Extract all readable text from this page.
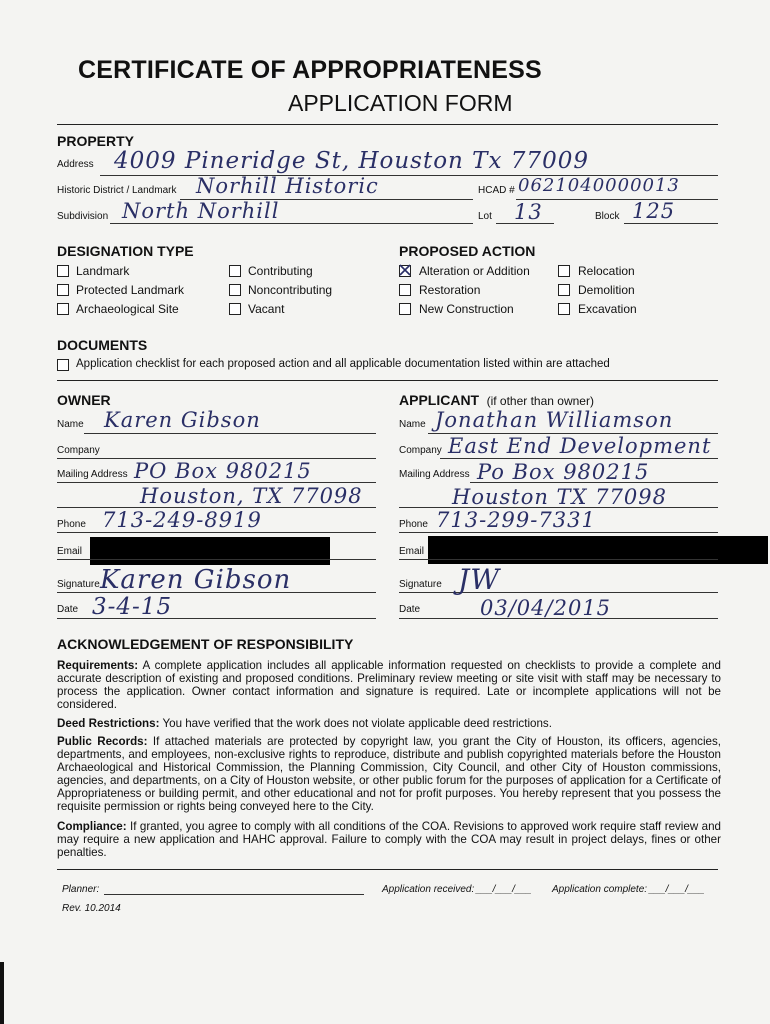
CERTIFICATE OF APPROPRIATENESS
APPLICATION FORM
PROPERTY
Address 4009 Pineridge St, Houston Tx 77009
Historic District / Landmark Norhill Historic	HCAD # 0621040000013
Subdivision North Norhill	Lot 13	Block 125
DESIGNATION TYPE
Landmark
Protected Landmark
Archaeological Site
Contributing
Noncontributing
Vacant
PROPOSED ACTION
Alteration or Addition
Restoration
New Construction
Relocation
Demolition
Excavation
DOCUMENTS
Application checklist for each proposed action and all applicable documentation listed within are attached
OWNER
Name Karen Gibson
Company
Mailing Address PO Box 980215
Houston, TX 77098
Phone 713-249-8919
Email
Signature Karen Gibson
Date 3-4-15
APPLICANT (if other than owner)
Name Jonathan Williamson
Company East End Development
Mailing Address Po Box 980215
Houston TX 77098
Phone 713-299-7331
Email
Signature JW
Date	03/04/2015
ACKNOWLEDGEMENT OF RESPONSIBILITY
Requirements: A complete application includes all applicable information requested on checklists to provide a complete and accurate description of existing and proposed conditions. Preliminary review meeting or site visit with staff may be necessary to process the application. Owner contact information and signature is required. Late or incomplete applications will not be considered.
Deed Restrictions: You have verified that the work does not violate applicable deed restrictions.
Public Records: If attached materials are protected by copyright law, you grant the City of Houston, its officers, agencies, departments, and employees, non-exclusive rights to reproduce, distribute and publish copyrighted materials before the Houston Archaeological and Historical Commission, the Planning Commission, City Council, and other City of Houston commissions, agencies, and departments, on a City of Houston website, or other public forum for the purposes of application for a Certificate of Appropriateness or building permit, and other educational and not for profit purposes. You hereby represent that you possess the requisite permission or rights being conveyed here to the City.
Compliance: If granted, you agree to comply with all conditions of the COA. Revisions to approved work require staff review and may require a new application and HAHC approval. Failure to comply with the COA may result in project delays, fines or other penalties.
Planner:	Application received: ___/___/___ Application complete: ___/___/___
Rev. 10.2014
